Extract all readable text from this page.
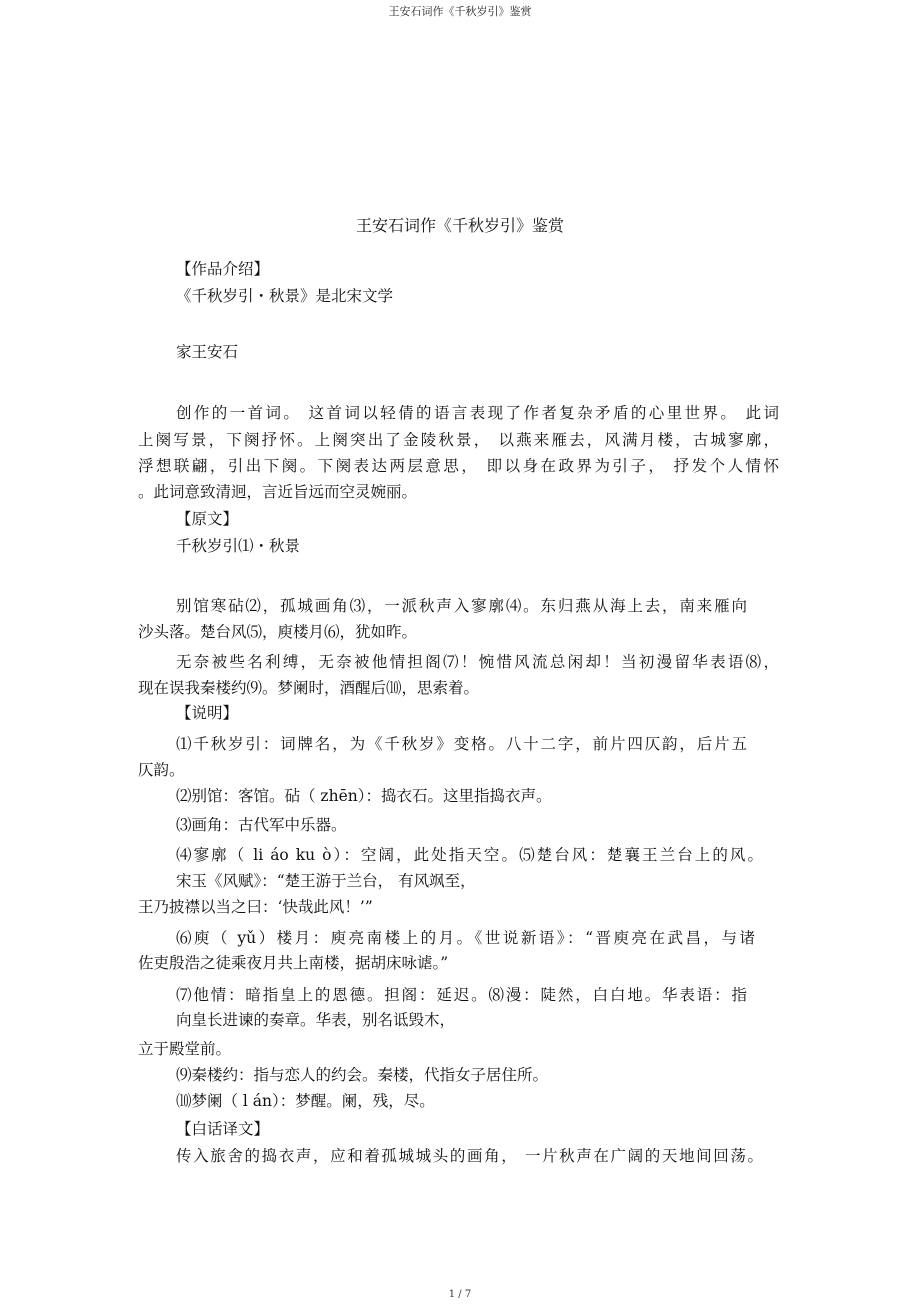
王安石词作《千秋岁引》鉴赏
王安石词作《千秋岁引》鉴赏
【作品介绍】
《千秋岁引・秋景》是北宋文学
家王安石
创作的一首词。 这首词以轻倩的语言表现了作者复杂矛盾的心里世界。 此词
上阕写景，下阕抒怀。上阕突出了金陵秋景， 以燕来雁去，风满月楼，古城寥廓，
浮想联翩，引出下阕。下阕表达两层意思， 即以身在政界为引子， 抒发个人情怀
。此词意致清迥，言近旨远而空灵婉丽。
【原文】
千秋岁引⑴・秋景
别馆寒砧⑵，孤城画角⑶，一派秋声入寥廓⑷。东归燕从海上去，南来雁向
沙头落。楚台风⑸，庾楼月⑹，犹如昨。
无奈被些名利缚，无奈被他情担阁⑺！惋惜风流总闲却！当初漫留华表语⑻，
现在误我秦楼约⑼。梦阑时，酒醒后⑽，思索着。
【说明】
⑴千秋岁引：词牌名，为《千秋岁》变格。八十二字，前片四仄韵，后片五
仄韵。
⑵别馆：客馆。砧（ zhēn）：捣衣石。这里指捣衣声。
⑶画角：古代军中乐器。
⑷寥廓（ li áo ku ò）：空阔，此处指天空。⑸楚台风：楚襄王兰台上的风。
宋玉《风赋》：“楚王游于兰台， 有风飒至，
王乃披襟以当之曰：‘快哉此风！’”
⑹庾（ yǔ）楼月：庾亮南楼上的月。《世说新语》：“晋庾亮在武昌，与诸
佐吏殷浩之徒乘夜月共上南楼，据胡床咏谑。”
⑺他情：暗指皇上的恩德。担阁：延迟。⑻漫：陡然，白白地。华表语：指
向皇长进谏的奏章。华表，别名诋毁木，
立于殿堂前。
⑼秦楼约：指与恋人的约会。秦楼，代指女子居住所。
⑽梦阑（ l án）：梦醒。阑，残，尽。
【白话译文】
传入旅舍的捣衣声，应和着孤城城头的画角， 一片秋声在广阔的天地间回荡。
1 / 7
